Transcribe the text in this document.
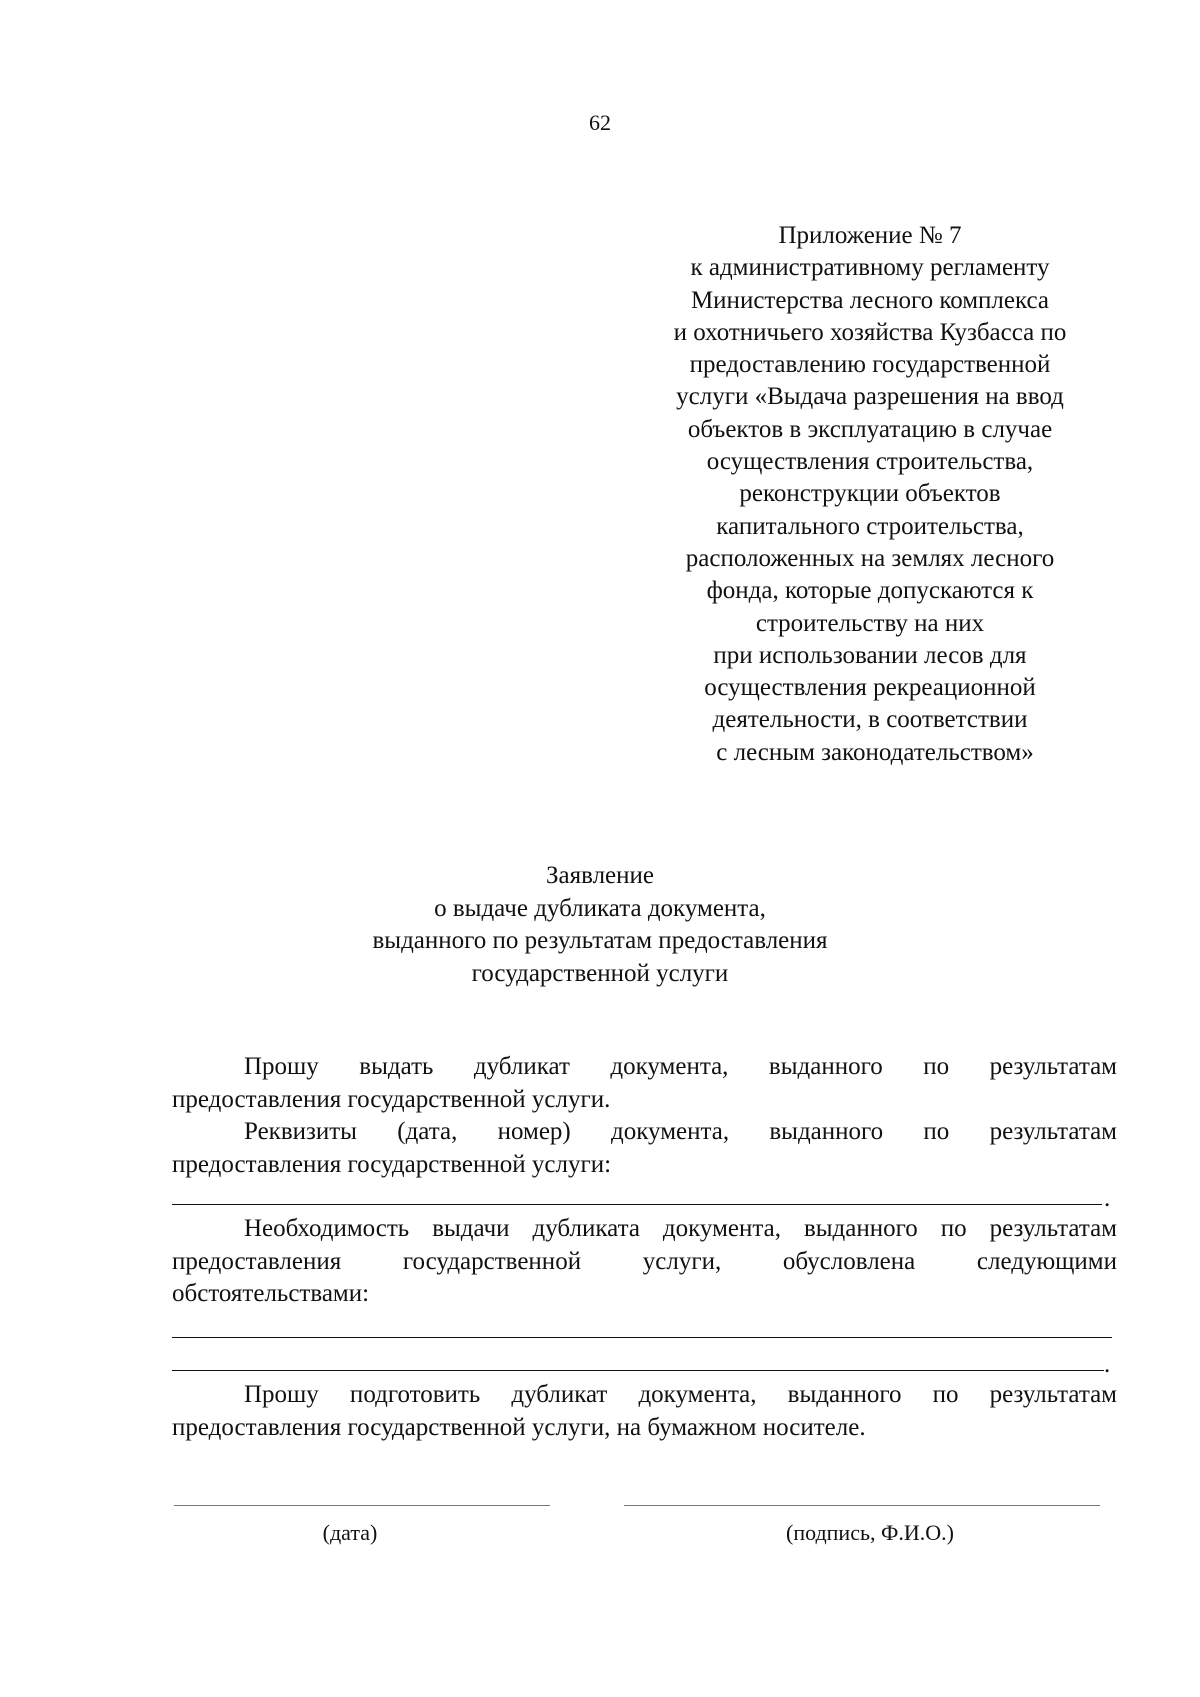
62
Приложение № 7
к административному регламенту
Министерства лесного комплекса
и охотничьего хозяйства Кузбасса по
предоставлению государственной
услуги «Выдача разрешения на ввод
объектов в эксплуатацию в случае
осуществления строительства,
реконструкции объектов
капитального строительства,
расположенных на землях лесного
фонда, которые допускаются к
строительству на них
при использовании лесов для
осуществления рекреационной
деятельности, в соответствии
с лесным законодательством»
Заявление
о выдаче дубликата документа,
выданного по результатам предоставления
государственной услуги
Прошу выдать дубликат документа, выданного по результатам
предоставления государственной услуги.
Реквизиты (дата, номер) документа, выданного по результатам
предоставления государственной услуги:
.
Необходимость выдачи дубликата документа, выданного по результатам
предоставления государственной услуги, обусловлена следующими
обстоятельствами:
.
Прошу подготовить дубликат документа, выданного по результатам
предоставления государственной услуги, на бумажном носителе.
(дата)	(подпись, Ф.И.О.)
